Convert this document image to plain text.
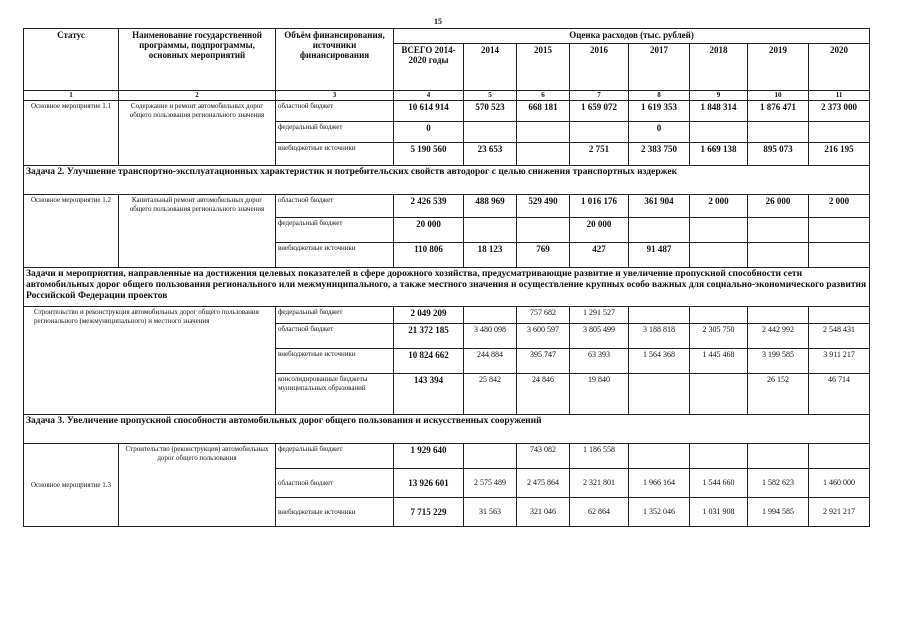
15
Статус	Наименование государственной программы, подпрограммы, основных мероприятий	Объём финансирования, источники финансирования	Оценка расходов (тыс. рублей)							
			ВСЕГО 2014-2020 годы	2014	2015	2016	2017	2018	2019	2020
1	2	3	4	5	6	7	8	9	10	11
Основное мероприятие 1.1	Содержание и ремонт автомобильных дорог общего пользования регионального значения	областной бюджет	10 614 914	570 523	668 181	1 659 072	1 619 353	1 848 314	1 876 471	2 373 000
		федеральный бюджет	0				0			
		внебюджетные источники	5 190 560	23 653		2 751	2 383 750	1 669 138	895 073	216 195
Задача 2. Улучшение транспортно-эксплуатационных характеристик и потребительских свойств автодорог с целью снижения транспортных издержек										
Основное мероприятие 1.2	Капитальный ремонт автомобильных дорог общего пользования регионального значения	областной бюджет	2 426 539	488 969	529 490	1 016 176	361 904	2 000	26 000	2 000
		федеральный бюджет	20 000			20 000				
		внебюджетные источники	110 806	18 123	769	427	91 487			
Задачи и мероприятия, направленные на достижения целевых показателей в сфере дорожного хозяйства, предусматривающие развитие и увеличение пропускной способности сети автомобильных дорог общего пользования регионального или межмуниципального, а также местного значения и осуществление крупных особо важных для социально-экономического развития Российской Федерации проектов										
Строительство и реконструкция автомобильных дорог общего пользования регионального (межмуниципального) и местного значения		федеральный бюджет	2 049 209		757 682	1 291 527				
		областной бюджет	21 372 185	3 480 098	3 600 597	3 805 499	3 188 818	2 305 750	2 442 992	2 548 431
		внебюджетные источники	10 824 662	244 884	395 747	63 393	1 564 368	1 445 468	3 199 585	3 911 217
		консолидированные бюджеты муниципальных образований	143 394	25 842	24 846	19 840			26 152	46 714
Задача 3. Увеличение пропускной способности автомобильных дорог общего пользования и искусственных сооружений										
Основное мероприятие 1.3	Строительство (реконструкция) автомобильных дорог общего пользования	федеральный бюджет	1 929 640		743 082	1 186 558				
		областной бюджет	13 926 601	2 575 489	2 475 864	2 321 801	1 966 164	1 544 660	1 582 623	1 460 000
		внебюджетные источники	7 715 229	31 563	321 046	62 864	1 352 046	1 031 908	1 994 585	2 921 217
